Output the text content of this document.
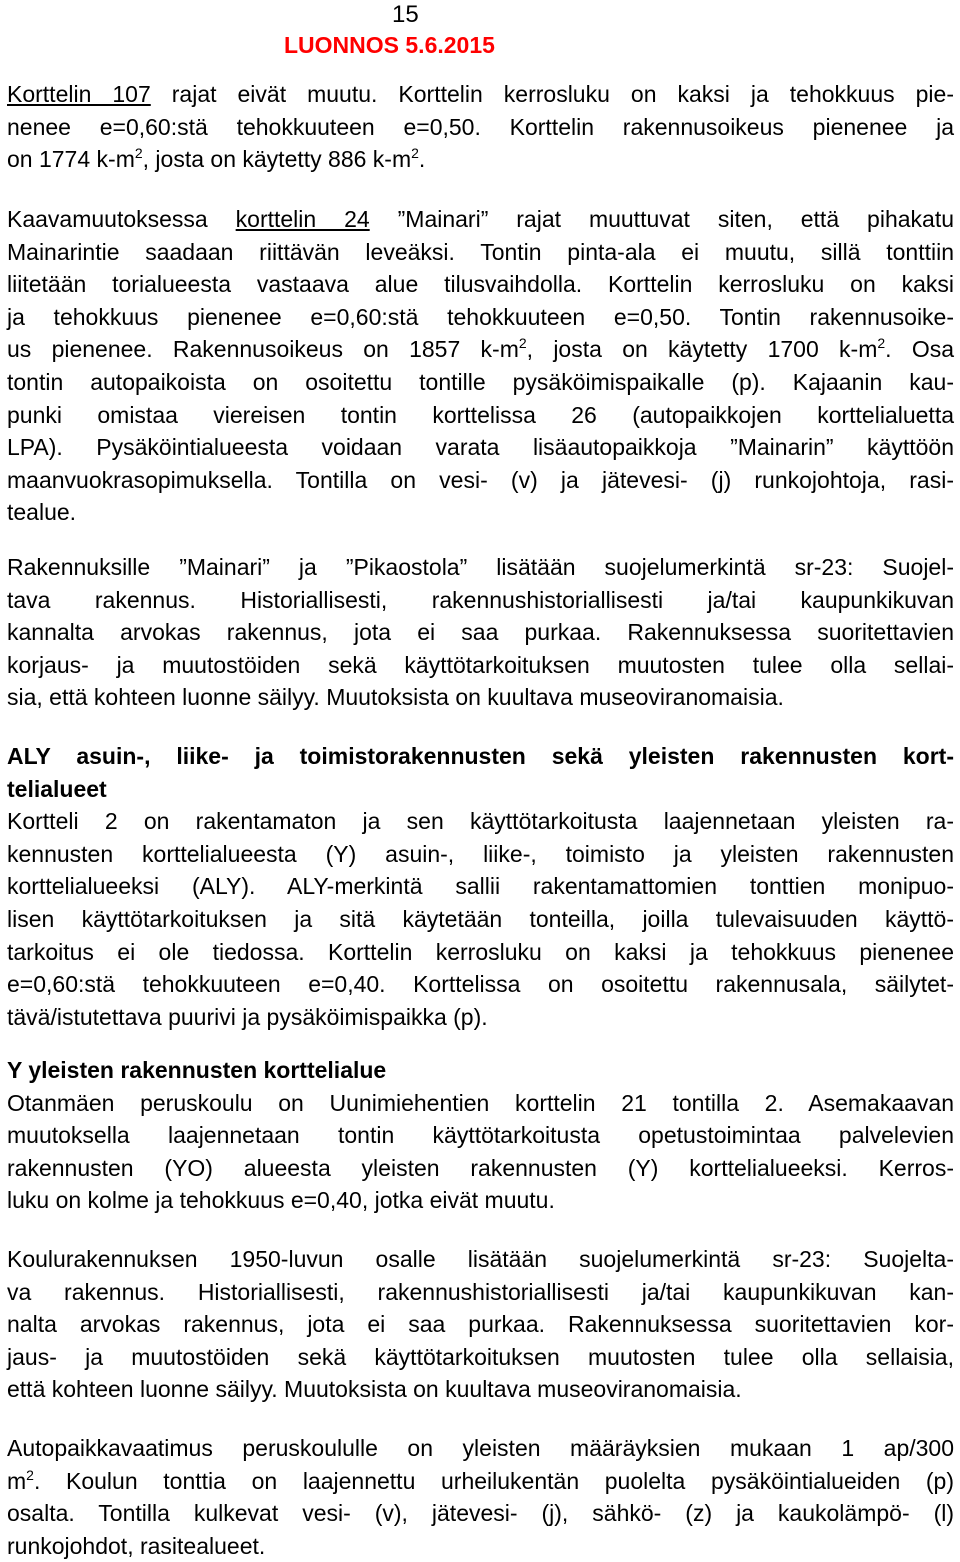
15
LUONNOS 5.6.2015
Korttelin 107 rajat eivät muutu. Korttelin kerrosluku on kaksi ja tehokkuus pie-
nenee e=0,60:stä tehokkuuteen e=0,50. Korttelin rakennusoikeus pienenee ja
on 1774 $k-m^2$, josta on käytetty 886 $k-m^2$.
Kaavamuutoksessa korttelin 24 ”Mainari” rajat muuttuvat siten, että pihakatu
Mainarintie saadaan riittävän leveäksi. Tontin pinta-ala ei muutu, sillä tonttiin
liitetään torialueesta vastaava alue tilusvaihdolla. Korttelin kerrosluku on kaksi
ja tehokkuus pienenee e=0,60:stä tehokkuuteen e=0,50. Tontin rakennusoike-
us pienenee. Rakennusoikeus on 1857 $k-m^2$, josta on käytetty 1700 $k-m^2$. Osa
tontin autopaikoista on osoitettu tontille pysäköimispaikalle (p). Kajaanin kau-
punki omistaa viereisen tontin korttelissa 26 (autopaikkojen korttelialuetta
LPA). Pysäköintialueesta voidaan varata lisäautopaikkoja ”Mainarin” käyttöön
maanvuokrasopimuksella. Tontilla on vesi- (v) ja jätevesi- (j) runkojohtoja, rasi-
tealue.
Rakennuksille ”Mainari” ja ”Pikaostola” lisätään suojelumerkintä sr-23: Suojel-
tava rakennus. Historiallisesti, rakennushistoriallisesti ja/tai kaupunkikuvan
kannalta arvokas rakennus, jota ei saa purkaa. Rakennuksessa suoritettavien
korjaus- ja muutostöiden sekä käyttötarkoituksen muutosten tulee olla sellai-
sia, että kohteen luonne säilyy. Muutoksista on kuultava museoviranomaisia.
ALY asuin-, liike- ja toimistorakennusten sekä yleisten rakennusten kort-
telialueet
Kortteli 2 on rakentamaton ja sen käyttötarkoitusta laajennetaan yleisten ra-
kennusten korttelialueesta (Y) asuin-, liike-, toimisto ja yleisten rakennusten
korttelialueeksi (ALY). ALY-merkintä sallii rakentamattomien tonttien monipuo-
lisen käyttötarkoituksen ja sitä käytetään tonteilla, joilla tulevaisuuden käyttö-
tarkoitus ei ole tiedossa. Korttelin kerrosluku on kaksi ja tehokkuus pienenee
e=0,60:stä tehokkuuteen e=0,40. Korttelissa on osoitettu rakennusala, säilytet-
tävä/istutettava puurivi ja pysäköimispaikka (p).
Y yleisten rakennusten korttelialue
Otanmäen peruskoulu on Uunimiehentien korttelin 21 tontilla 2. Asemakaavan
muutoksella laajennetaan tontin käyttötarkoitusta opetustoimintaa palvelevien
rakennusten (YO) alueesta yleisten rakennusten (Y) korttelialueeksi. Kerros-
luku on kolme ja tehokkuus e=0,40, jotka eivät muutu.
Koulurakennuksen 1950-luvun osalle lisätään suojelumerkintä sr-23: Suojelta-
va rakennus. Historiallisesti, rakennushistoriallisesti ja/tai kaupunkikuvan kan-
nalta arvokas rakennus, jota ei saa purkaa. Rakennuksessa suoritettavien kor-
jaus- ja muutostöiden sekä käyttötarkoituksen muutosten tulee olla sellaisia,
että kohteen luonne säilyy. Muutoksista on kuultava museoviranomaisia.
Autopaikkavaatimus peruskoululle on yleisten määräyksien mukaan 1 ap/300
$m^2$. Koulun tonttia on laajennettu urheilukentän puolelta pysäköintialueiden (p)
osalta. Tontilla kulkevat vesi- (v), jätevesi- (j), sähkö- (z) ja kaukolämpö- (l)
runkojohdot, rasitealueet.
